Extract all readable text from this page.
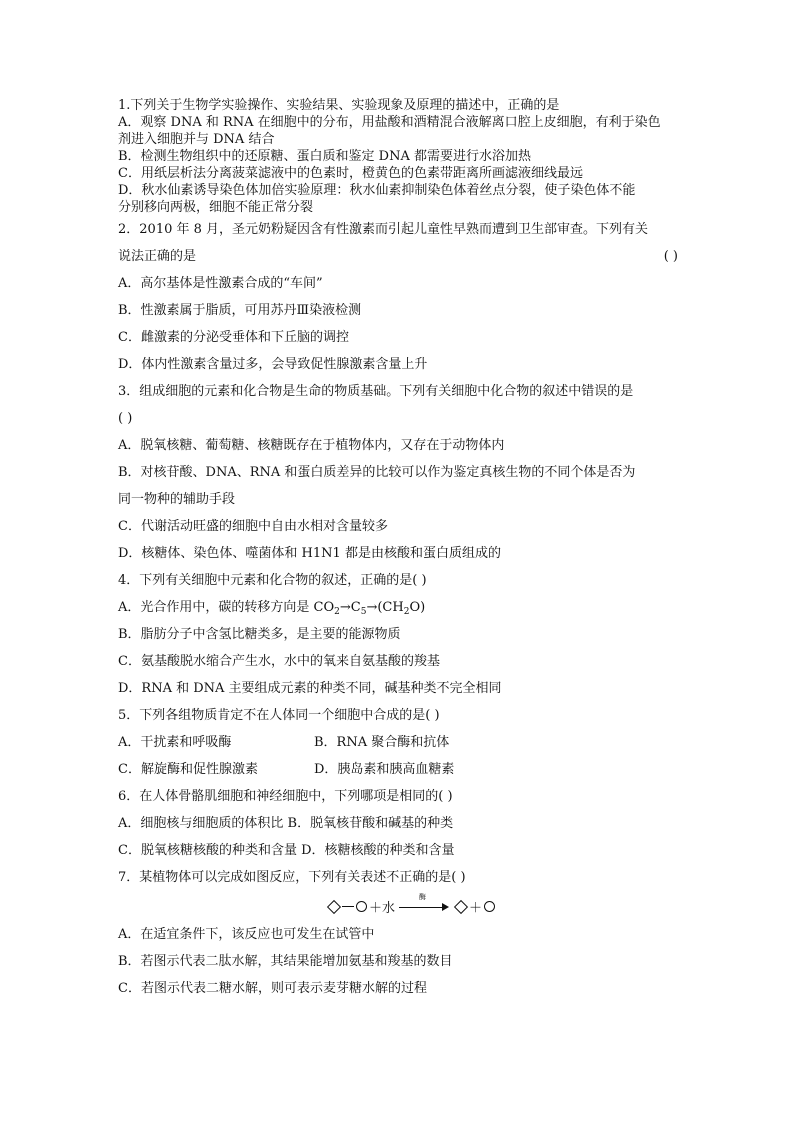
1.下列关于生物学实验操作、实验结果、实验现象及原理的描述中，正确的是

A．观察 DNA 和 RNA 在细胞中的分布，用盐酸和酒精混合液解离口腔上皮细胞，有利于染色

剂进入细胞并与 DNA 结合

B．检测生物组织中的还原糖、蛋白质和鉴定 DNA 都需要进行水浴加热

C．用纸层析法分离菠菜滤液中的色素时，橙黄色的色素带距离所画滤液细线最远

D．秋水仙素诱导染色体加倍实验原理：秋水仙素抑制染色体着丝点分裂，使子染色体不能

分别移向两极，细胞不能正常分裂

2．2010 年 8 月，圣元奶粉疑因含有性激素而引起儿童性早熟而遭到卫生部审查。下列有关

说法正确的是	( )

A．高尔基体是性激素合成的“车间”

B．性激素属于脂质，可用苏丹Ⅲ染液检测

C．雌激素的分泌受垂体和下丘脑的调控

D．体内性激素含量过多，会导致促性腺激素含量上升

3．组成细胞的元素和化合物是生命的物质基础。下列有关细胞中化合物的叙述中错误的是

( )

A．脱氧核糖、葡萄糖、核糖既存在于植物体内，又存在于动物体内

B．对核苷酸、DNA、RNA 和蛋白质差异的比较可以作为鉴定真核生物的不同个体是否为

同一物种的辅助手段

C．代谢活动旺盛的细胞中自由水相对含量较多

D．核糖体、染色体、噬菌体和 H1N1 都是由核酸和蛋白质组成的

4．下列有关细胞中元素和化合物的叙述，正确的是( )

A．光合作用中，碳的转移方向是 $CO_2\to C_5\to(CH_2O)$

B．脂肪分子中含氢比糖类多，是主要的能源物质

C．氨基酸脱水缩合产生水，水中的氧来自氨基酸的羧基

D．RNA 和 DNA 主要组成元素的种类不同，碱基种类不完全相同

5．下列各组物质肯定不在人体同一个细胞中合成的是( )

A．干扰素和呼吸酶	B．RNA 聚合酶和抗体
C．解旋酶和促性腺激素	D．胰岛素和胰高血糖素

6．在人体骨骼肌细胞和神经细胞中，下列哪项是相同的( )

A．细胞核与细胞质的体积比 B．脱氧核苷酸和碱基的种类

C．脱氧核糖核酸的种类和含量 D．核糖核酸的种类和含量

7．某植物体可以完成如图反应，下列有关表述不正确的是( )

＋水
酶
＋

A．在适宜条件下，该反应也可发生在试管中

B．若图示代表二肽水解，其结果能增加氨基和羧基的数目

C．若图示代表二糖水解，则可表示麦芽糖水解的过程
